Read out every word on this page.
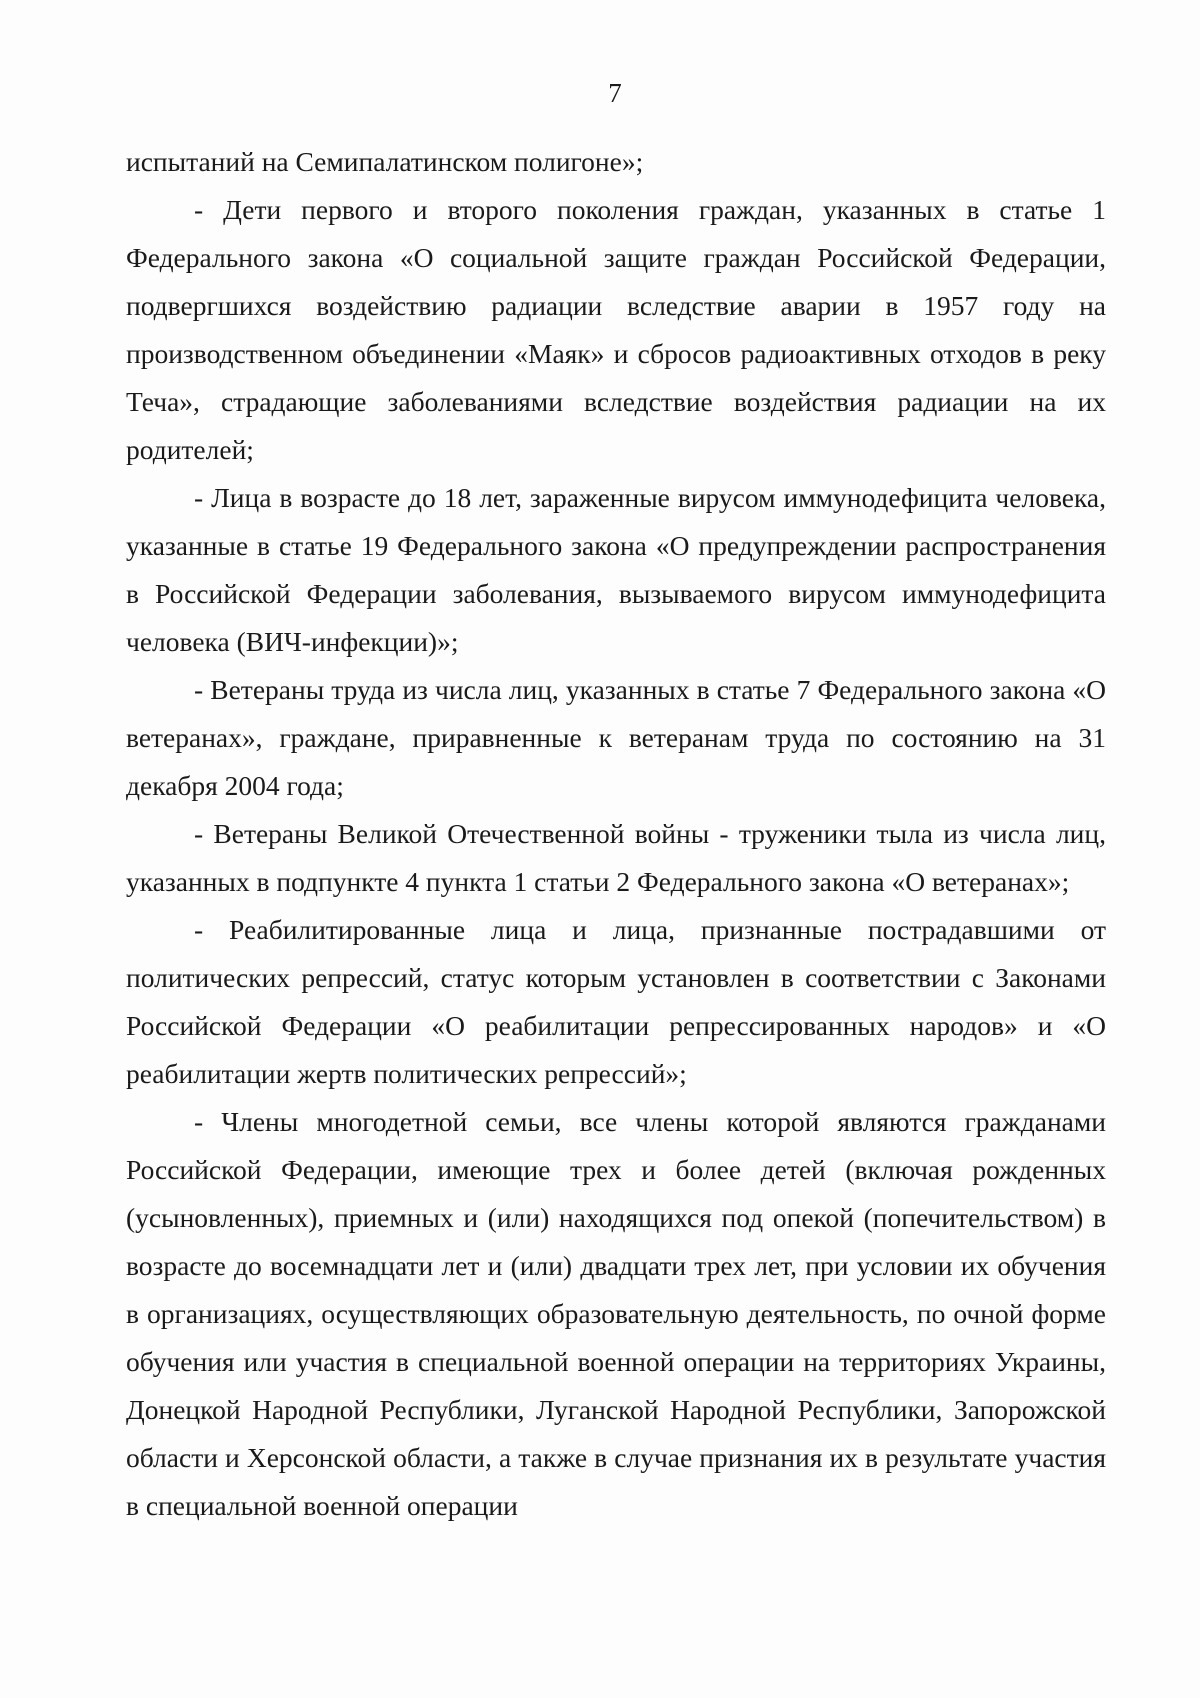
7

испытаний на Семипалатинском полигоне»;

- Дети первого и второго поколения граждан, указанных в статье 1 Федерального закона «О социальной защите граждан Российской Федерации, подвергшихся воздействию радиации вследствие аварии в 1957 году на производственном объединении «Маяк» и сбросов радиоактивных отходов в реку Теча», страдающие заболеваниями вследствие воздействия радиации на их родителей;

- Лица в возрасте до 18 лет, зараженные вирусом иммунодефицита человека, указанные в статье 19 Федерального закона «О предупреждении распространения в Российской Федерации заболевания, вызываемого вирусом иммунодефицита человека (ВИЧ-инфекции)»;

- Ветераны труда из числа лиц, указанных в статье 7 Федерального закона «О ветеранах», граждане, приравненные к ветеранам труда по состоянию на 31 декабря 2004 года;

- Ветераны Великой Отечественной войны - труженики тыла из числа лиц, указанных в подпункте 4 пункта 1 статьи 2 Федерального закона «О ветеранах»;

- Реабилитированные лица и лица, признанные пострадавшими от политических репрессий, статус которым установлен в соответствии с Законами Российской Федерации «О реабилитации репрессированных народов» и «О реабилитации жертв политических репрессий»;

- Члены многодетной семьи, все члены которой являются гражданами Российской Федерации, имеющие трех и более детей (включая рожденных (усыновленных), приемных и (или) находящихся под опекой (попечительством) в возрасте до восемнадцати лет и (или) двадцати трех лет, при условии их обучения в организациях, осуществляющих образовательную деятельность, по очной форме обучения или участия в специальной военной операции на территориях Украины, Донецкой Народной Республики, Луганской Народной Республики, Запорожской области и Херсонской области, а также в случае признания их в результате участия в специальной военной операции
